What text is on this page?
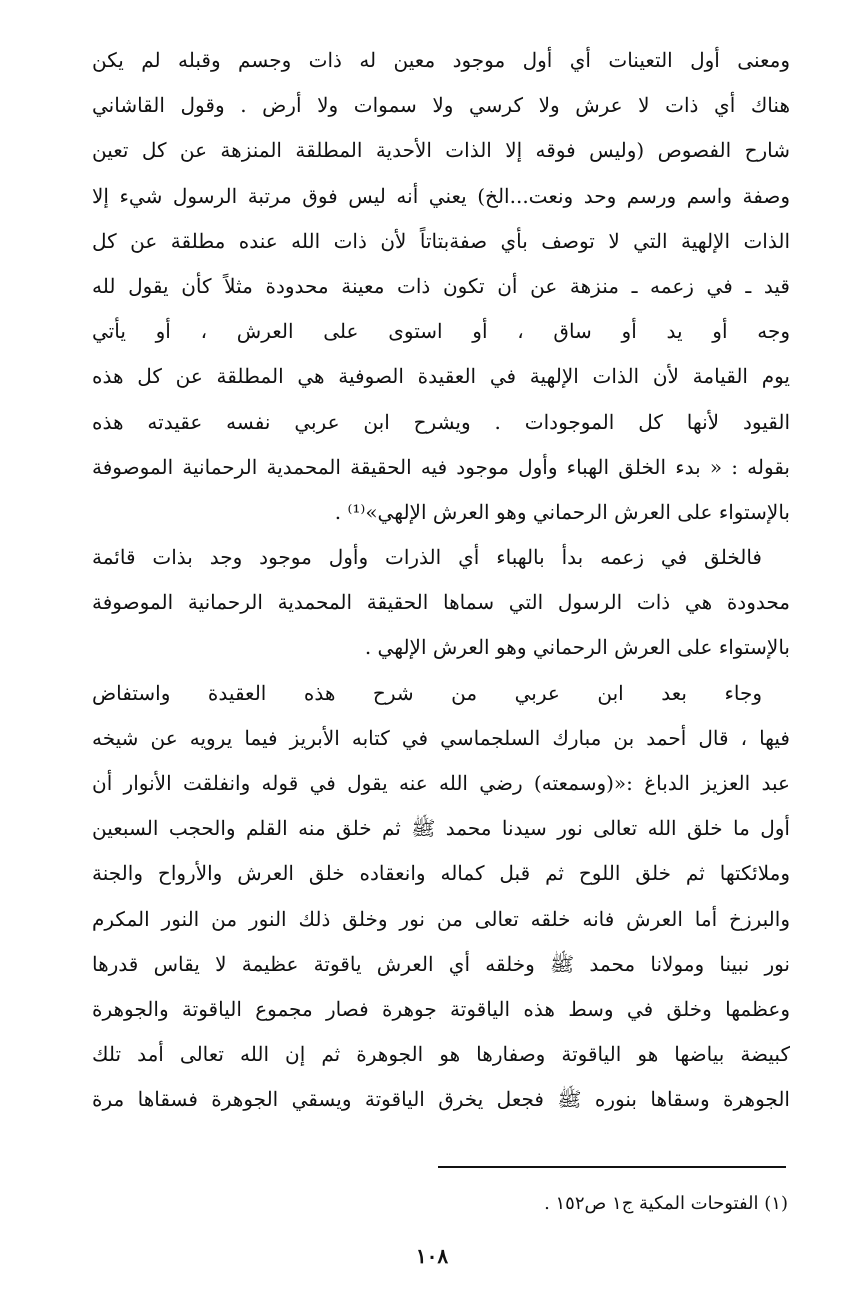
ومعنى أول التعينات أي أول موجود معين له ذات وجسم وقبله لم يكن
هناك أي ذات لا عرش ولا كرسي ولا سموات ولا أرض . وقول القاشاني
شارح الفصوص (وليس فوقه إلا الذات الأحدية المطلقة المنزهة عن كل تعين
وصفة واسم ورسم وحد ونعت...الخ) يعني أنه ليس فوق مرتبة الرسول شيء إلا
الذات الإلهية التي لا توصف بأي صفةبتاتاً لأن ذات الله عنده مطلقة عن كل
قيد ـ في زعمه ـ منزهة عن أن تكون ذات معينة محدودة مثلاً كأن يقول لله
وجه أو يد أو ساق ، أو استوى على العرش ، أو يأتي
يوم القيامة لأن الذات الإلهية في العقيدة الصوفية هي المطلقة عن كل هذه
القيود لأنها كل الموجودات . ويشرح ابن عربي نفسه عقيدته هذه
بقوله : « بدء الخلق الهباء وأول موجود فيه الحقيقة المحمدية الرحمانية الموصوفة
بالإستواء على العرش الرحماني وهو العرش الإلهي»⁽¹⁾ .
فالخلق في زعمه بدأ بالهباء أي الذرات وأول موجود وجد بذات قائمة
محدودة هي ذات الرسول التي سماها الحقيقة المحمدية الرحمانية الموصوفة
بالإستواء على العرش الرحماني وهو العرش الإلهي .
وجاء بعد ابن عربي من شرح هذه العقيدة واستفاض
فيها ، قال أحمد بن مبارك السلجماسي في كتابه الأبريز فيما يرويه عن شيخه
عبد العزيز الدباغ :«(وسمعته) رضي الله عنه يقول في قوله وانفلقت الأنوار أن
أول ما خلق الله تعالى نور سيدنا محمد ﷺ ثم خلق منه القلم والحجب السبعين
وملائكتها ثم خلق اللوح ثم قبل كماله وانعقاده خلق العرش والأرواح والجنة
والبرزخ أما العرش فانه خلقه تعالى من نور وخلق ذلك النور من النور المكرم
نور نبينا ومولانا محمد ﷺ وخلقه أي العرش ياقوتة عظيمة لا يقاس قدرها
وعظمها وخلق في وسط هذه الياقوتة جوهرة فصار مجموع الياقوتة والجوهرة
كبيضة بياضها هو الياقوتة وصفارها هو الجوهرة ثم إن الله تعالى أمد تلك
الجوهرة وسقاها بنوره ﷺ فجعل يخرق الياقوتة ويسقي الجوهرة فسقاها مرة
(١) الفتوحات المكية ج١ ص١٥٢ .
١٠٨
